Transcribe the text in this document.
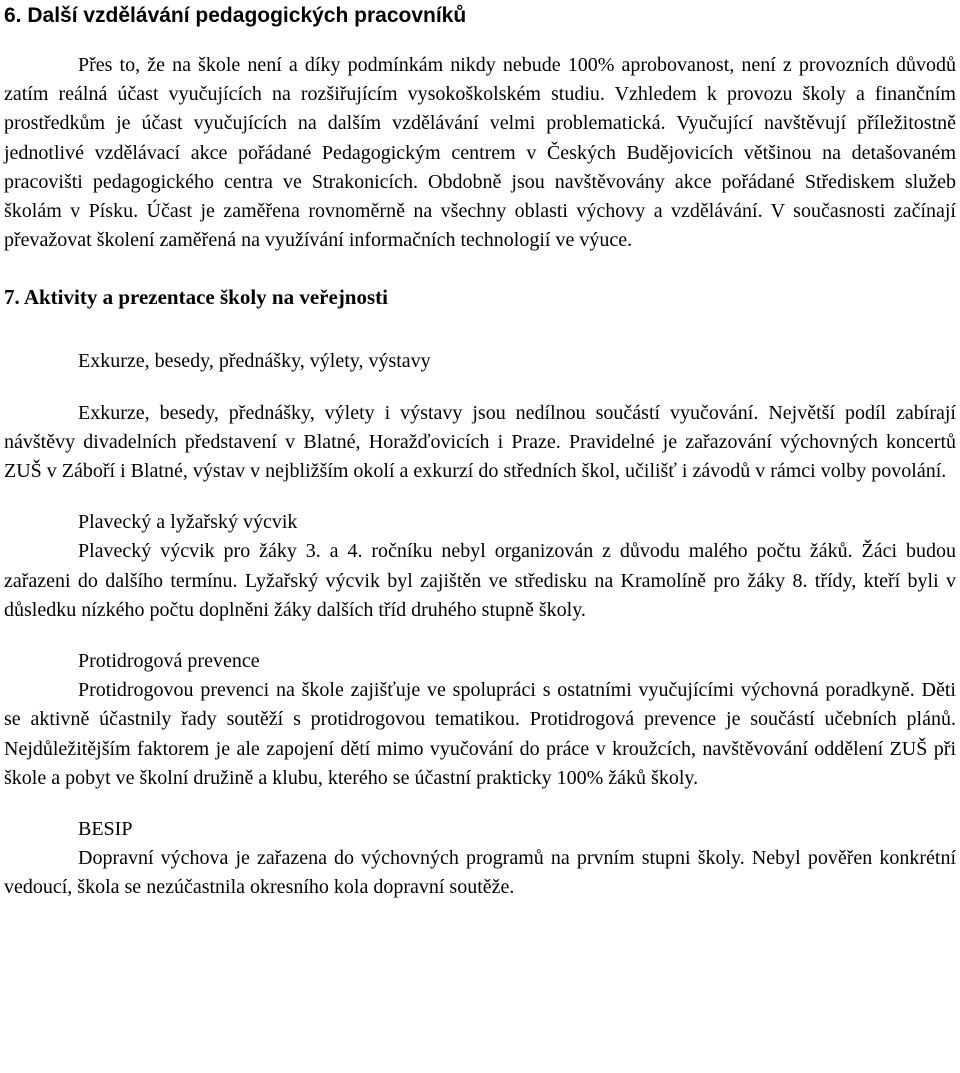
6. Další vzdělávání pedagogických pracovníků

Přes to, že na škole není a díky podmínkám nikdy nebude 100% aprobovanost, není z provozních důvodů zatím reálná účast vyučujících na rozšiřujícím vysokoškolském studiu. Vzhledem k provozu školy a finančním prostředkům je účast vyučujících na dalším vzdělávání velmi problematická. Vyučující navštěvují příležitostně jednotlivé vzdělávací akce pořádané Pedagogickým centrem v Českých Budějovicích většinou na detašovaném pracovišti pedagogického centra ve Strakonicích. Obdobně jsou navštěvovány akce pořádané Střediskem služeb školám v Písku. Účast je zaměřena rovnoměrně na všechny oblasti výchovy a vzdělávání. V současnosti začínají převažovat školení zaměřená na využívání informačních technologií ve výuce.

7. Aktivity a prezentace školy na veřejnosti
Exkurze, besedy, přednášky, výlety, výstavy

Exkurze, besedy, přednášky, výlety i výstavy jsou nedílnou součástí vyučování. Největší podíl zabírají návštěvy divadelních představení v Blatné, Horažďovicích i Praze. Pravidelné je zařazování výchovných koncertů ZUŠ v Záboří i Blatné, výstav v nejbližším okolí a exkurzí do středních škol, učilišť i závodů v rámci volby povolání.

Plavecký a lyžařský výcvik

Plavecký výcvik pro žáky 3. a 4. ročníku nebyl organizován z důvodu malého počtu žáků. Žáci budou zařazeni do dalšího termínu. Lyžařský výcvik byl zajištěn ve středisku na Kramolíně pro žáky 8. třídy, kteří byli v důsledku nízkého počtu doplněni žáky dalších tříd druhého stupně školy.

Protidrogová prevence

Protidrogovou prevenci na škole zajišťuje ve spolupráci s ostatními vyučujícími výchovná poradkyně. Děti se aktivně účastnily řady soutěží s protidrogovou tematikou. Protidrogová prevence je součástí učebních plánů. Nejdůležitějším faktorem je ale zapojení dětí mimo vyučování do práce v kroužcích, navštěvování oddělení ZUŠ při škole a pobyt ve školní družině a klubu, kterého se účastní prakticky 100% žáků školy.

BESIP

Dopravní výchova je zařazena do výchovných programů na prvním stupni školy. Nebyl pověřen konkrétní vedoucí, škola se nezúčastnila okresního kola dopravní soutěže.
